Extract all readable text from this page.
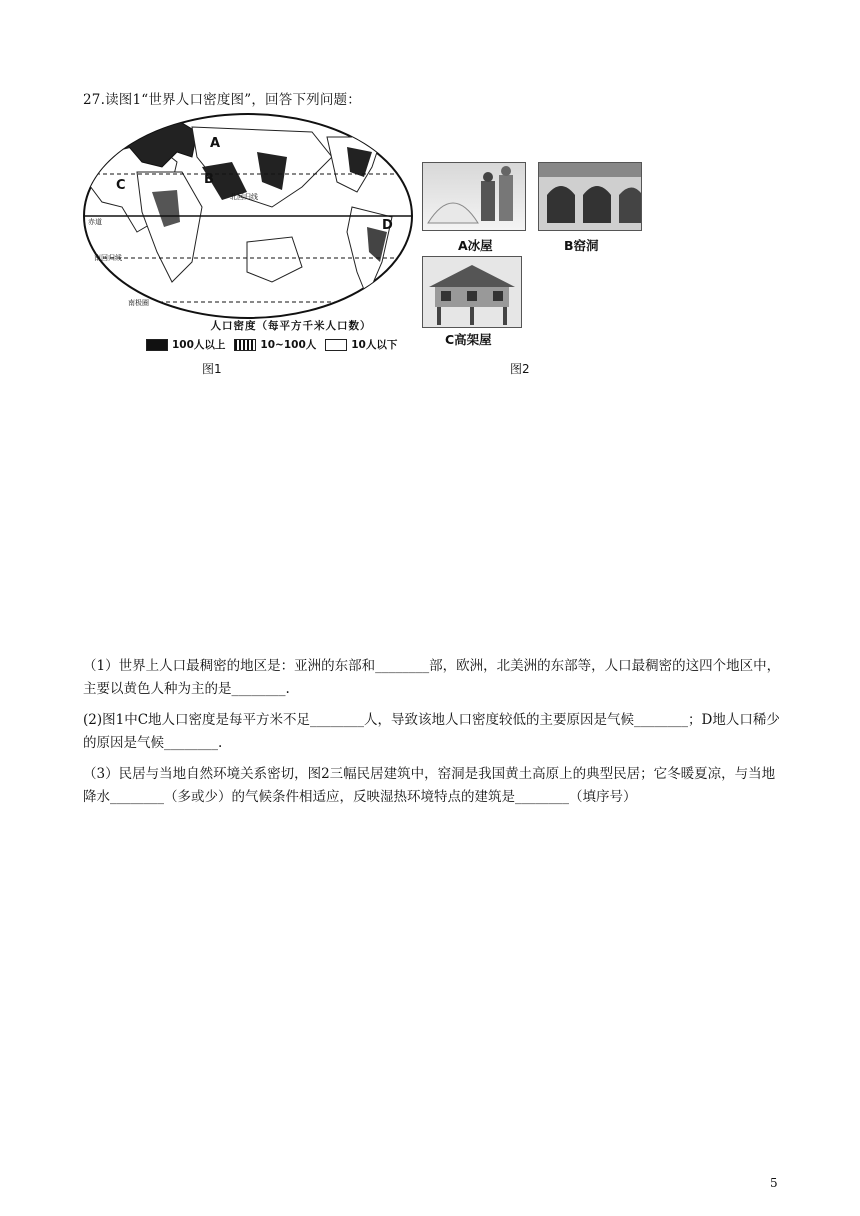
27.读图1“世界人口密度图”，回答下列问题：
A
B
C
D
北回归线
赤道
南回归线
南极圈
人口密度（每平方千米人口数）
100人以上	10~100人	10人以下
图1
A冰屋	B窑洞
C高架屋
图2
（1）世界上人口最稠密的地区是：亚洲的东部和________部，欧洲，北美洲的东部等，人口最稠密的这四个地区中，主要以黄色人种为主的是________.
(2)图1中C地人口密度是每平方米不足________人，导致该地人口密度较低的主要原因是气候________；D地人口稀少的原因是气候________.
（3）民居与当地自然环境关系密切，图2三幅民居建筑中，窑洞是我国黄土高原上的典型民居；它冬暖夏凉，与当地降水________（多或少）的气候条件相适应，反映湿热环境特点的建筑是________（填序号）
5
